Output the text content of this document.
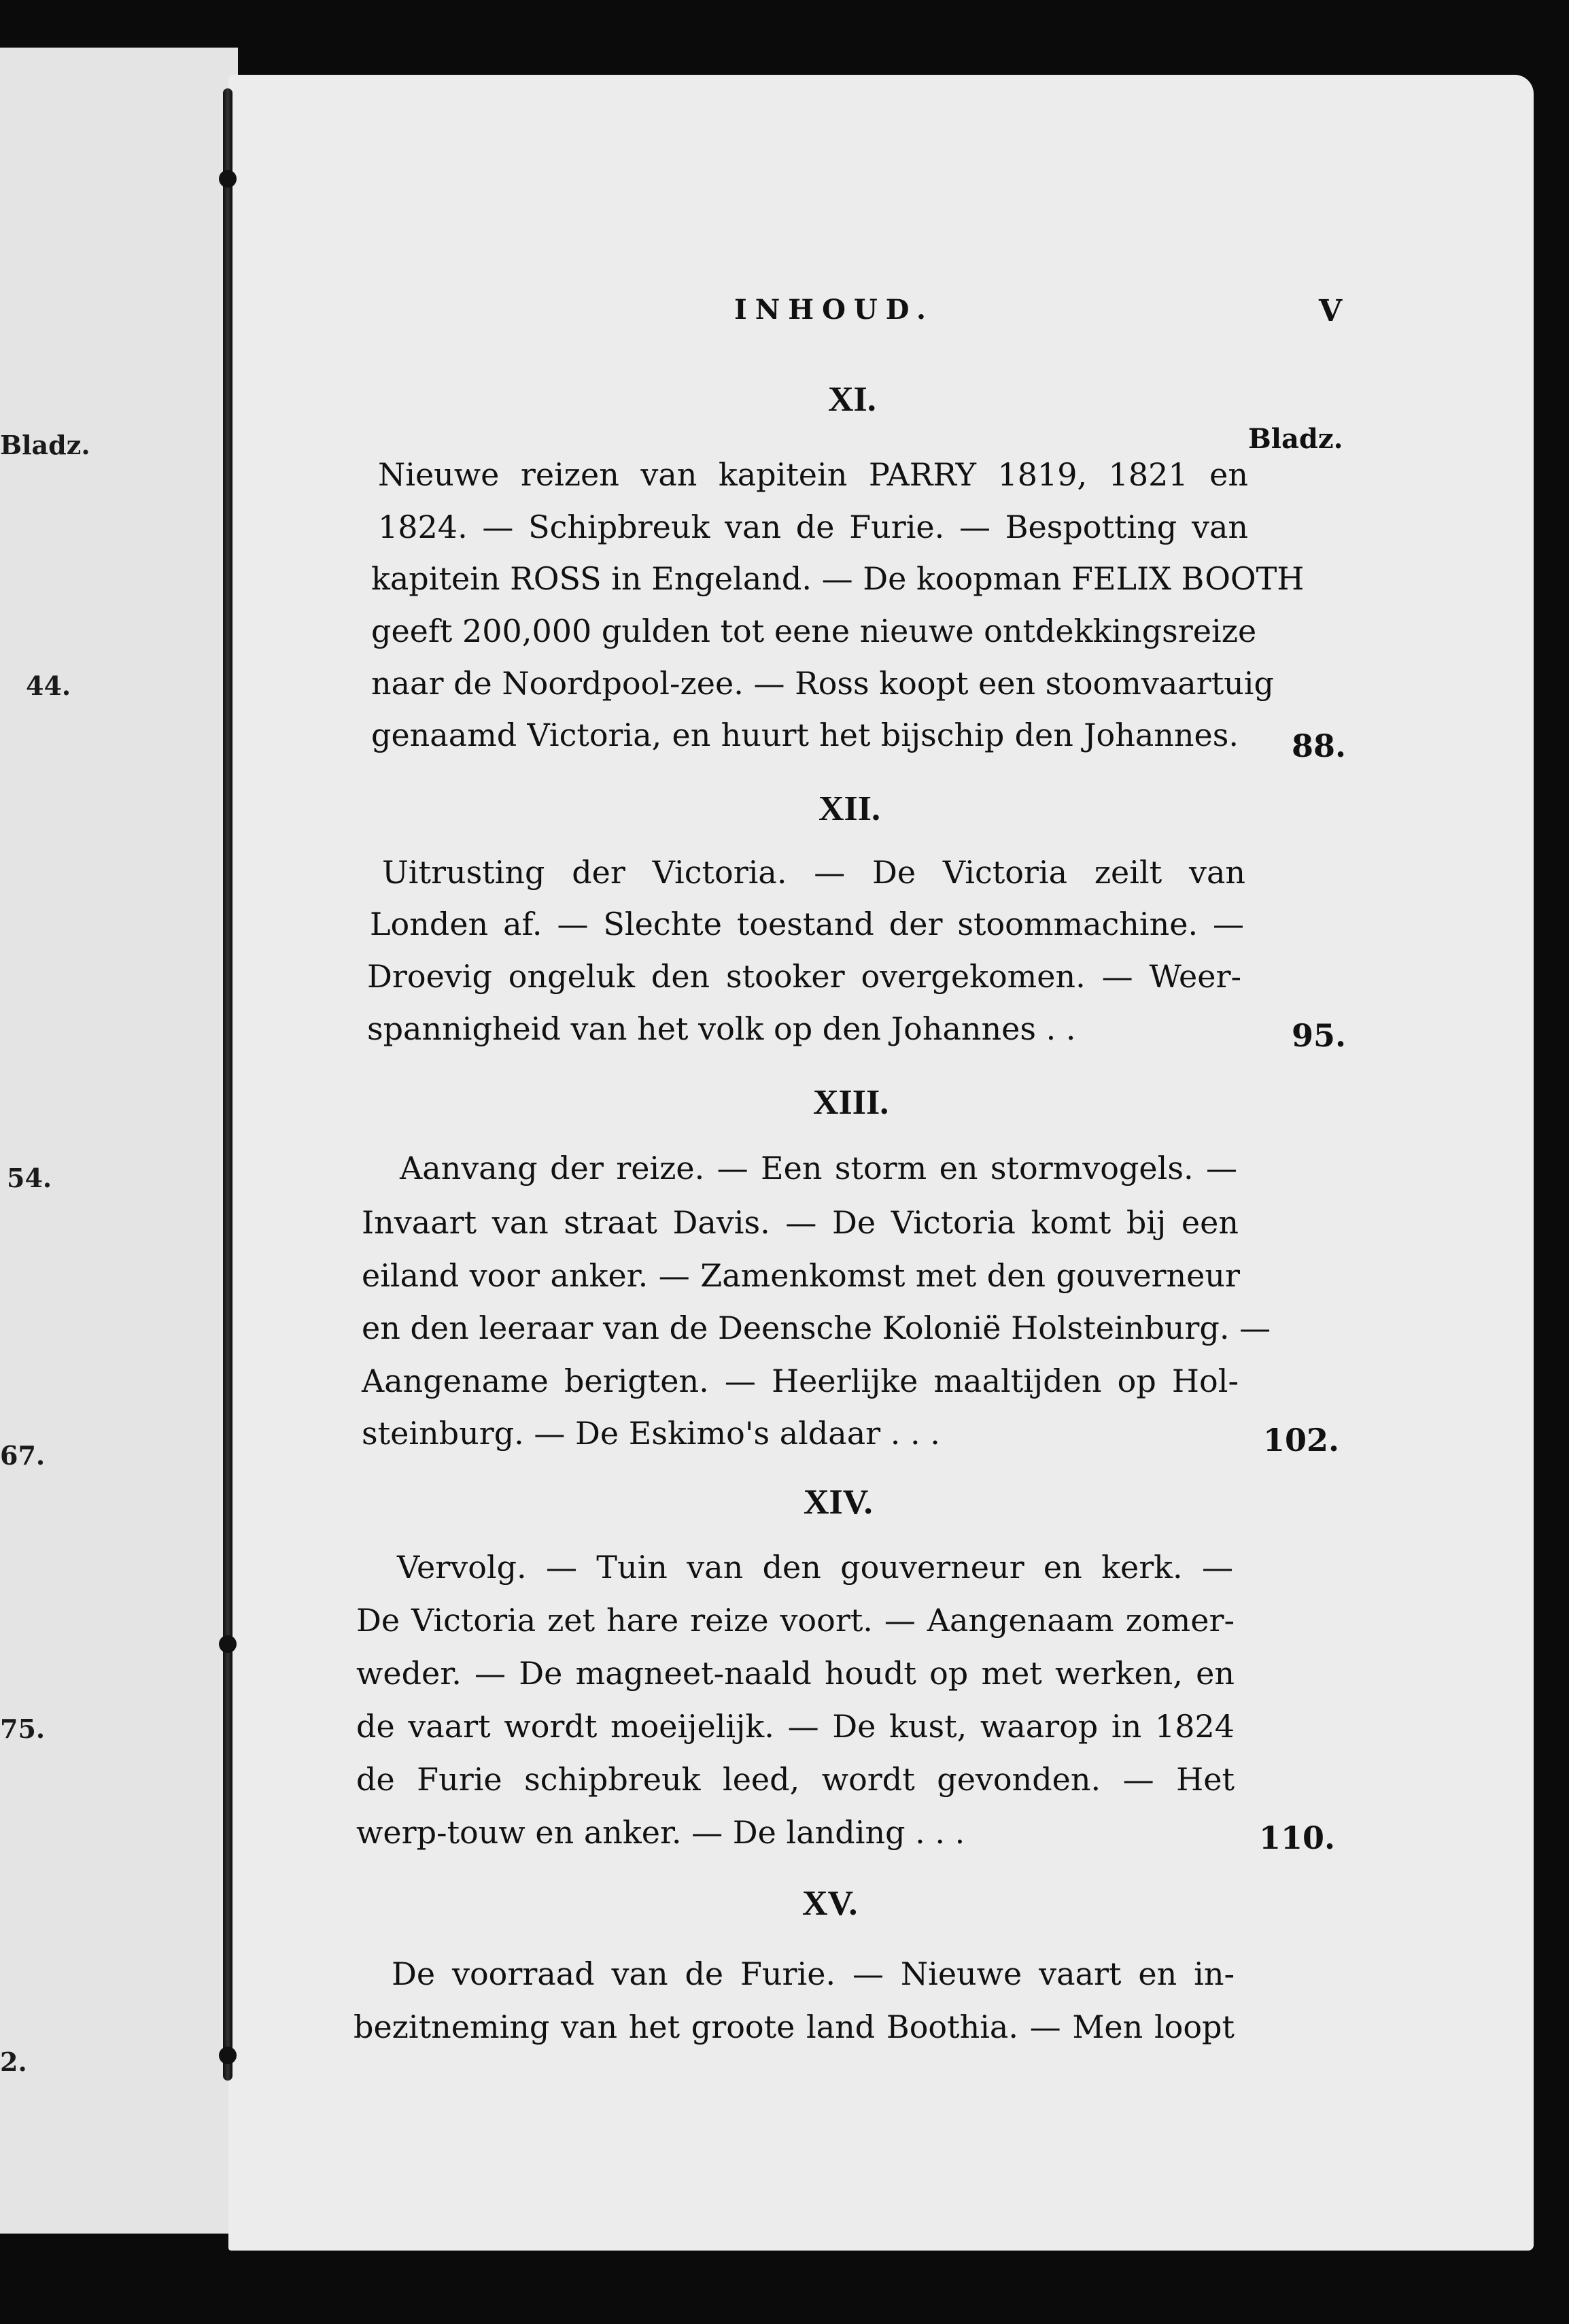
Bladz.
44.
54.
67.
75.
2.
INHOUD.	V
Bladz.
XI.
Nieuwe reizen van kapitein PARRY 1819, 1821 en
1824. — Schipbreuk van de Furie. — Bespotting van
kapitein ROSS in Engeland. — De koopman FELIX BOOTH
geeft 200,000 gulden tot eene nieuwe ontdekkingsreize
naar de Noordpool-zee. — Ross koopt een stoomvaartuig
genaamd Victoria, en huurt het bijschip den Johannes. 88.
XII.
Uitrusting der Victoria. — De Victoria zeilt van
Londen af. — Slechte toestand der stoommachine. —
Droevig ongeluk den stooker overgekomen. — Weer-
spannigheid van het volk op den Johannes . .	95.
XIII.
Aanvang der reize. — Een storm en stormvogels. —
Invaart van straat Davis. — De Victoria komt bij een
eiland voor anker. — Zamenkomst met den gouverneur
en den leeraar van de Deensche Kolonië Holsteinburg. —
Aangename berigten. — Heerlijke maaltijden op Hol-
steinburg. — De Eskimo's aldaar . . .	102.
XIV.
Vervolg. — Tuin van den gouverneur en kerk. —
De Victoria zet hare reize voort. — Aangenaam zomer-
weder. — De magneet-naald houdt op met werken, en
de vaart wordt moeijelijk. — De kust, waarop in 1824
de Furie schipbreuk leed, wordt gevonden. — Het
werp-touw en anker. — De landing . . .	110.
XV.
De voorraad van de Furie. — Nieuwe vaart en in-
bezitneming van het groote land Boothia. — Men loopt
